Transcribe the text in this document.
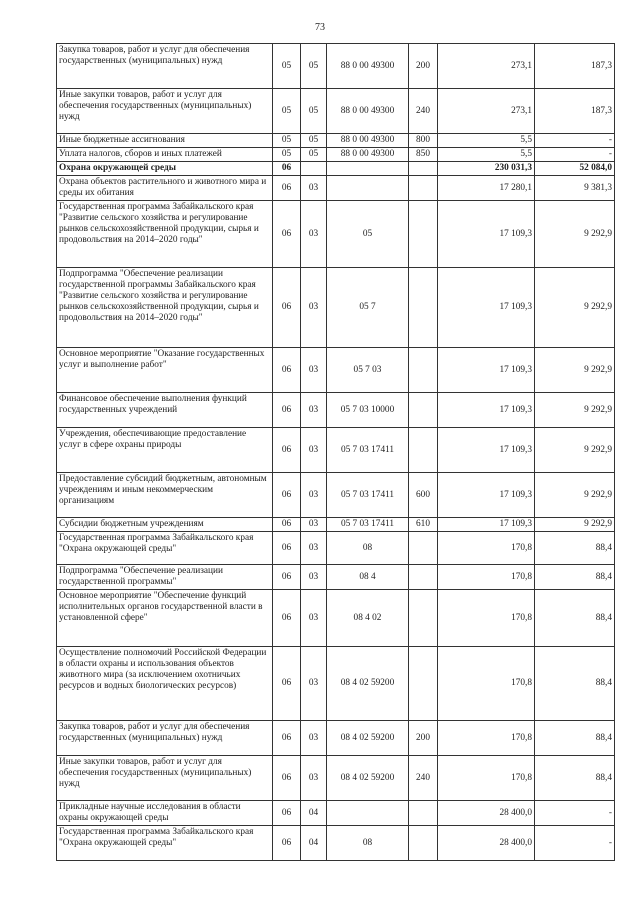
73
Закупка товаров, работ и услуг для обеспечения государственных (муниципальных) нужд	05	05	88 0 00 49300	200	273,1	187,3
Иные закупки товаров, работ и услуг для обеспечения государственных (муниципальных) нужд	05	05	88 0 00 49300	240	273,1	187,3
Иные бюджетные ассигнования	05	05	88 0 00 49300	800	5,5	-
Уплата налогов, сборов и иных платежей	05	05	88 0 00 49300	850	5,5	-
Охрана окружающей среды	06				230 031,3	52 084,0
Охрана объектов растительного и животного мира и среды их обитания	06	03			17 280,1	9 381,3
Государственная программа Забайкальского края "Развитие сельского хозяйства и регулирование рынков сельскохозяйственной продукции, сырья и продовольствия на 2014–2020 годы"	06	03	05		17 109,3	9 292,9
Подпрограмма "Обеспечение реализации государственной программы Забайкальского края "Развитие сельского хозяйства и регулирование рынков сельскохозяйственной продукции, сырья и продовольствия на 2014–2020 годы"	06	03	05 7		17 109,3	9 292,9
Основное мероприятие "Оказание государственных услуг и выполнение работ"	06	03	05 7 03		17 109,3	9 292,9
Финансовое обеспечение выполнения функций государственных учреждений	06	03	05 7 03 10000		17 109,3	9 292,9
Учреждения, обеспечивающие предоставление услуг в сфере охраны природы	06	03	05 7 03 17411		17 109,3	9 292,9
Предоставление субсидий бюджетным, автономным учреждениям и иным некоммерческим организациям	06	03	05 7 03 17411	600	17 109,3	9 292,9
Субсидии бюджетным учреждениям	06	03	05 7 03 17411	610	17 109,3	9 292,9
Государственная программа Забайкальского края "Охрана окружающей среды"	06	03	08		170,8	88,4
Подпрограмма "Обеспечение реализации государственной программы"	06	03	08 4		170,8	88,4
Основное мероприятие "Обеспечение функций исполнительных органов государственной власти в установленной сфере"	06	03	08 4 02		170,8	88,4
Осуществление полномочий Российской Федерации в области охраны и использования объектов животного мира (за исключением охотничьих ресурсов и водных биологических ресурсов)	06	03	08 4 02 59200		170,8	88,4
Закупка товаров, работ и услуг для обеспечения государственных (муниципальных) нужд	06	03	08 4 02 59200	200	170,8	88,4
Иные закупки товаров, работ и услуг для обеспечения государственных (муниципальных) нужд	06	03	08 4 02 59200	240	170,8	88,4
Прикладные научные исследования в области охраны окружающей среды	06	04			28 400,0	-
Государственная программа Забайкальского края "Охрана окружающей среды"	06	04	08		28 400,0	-
